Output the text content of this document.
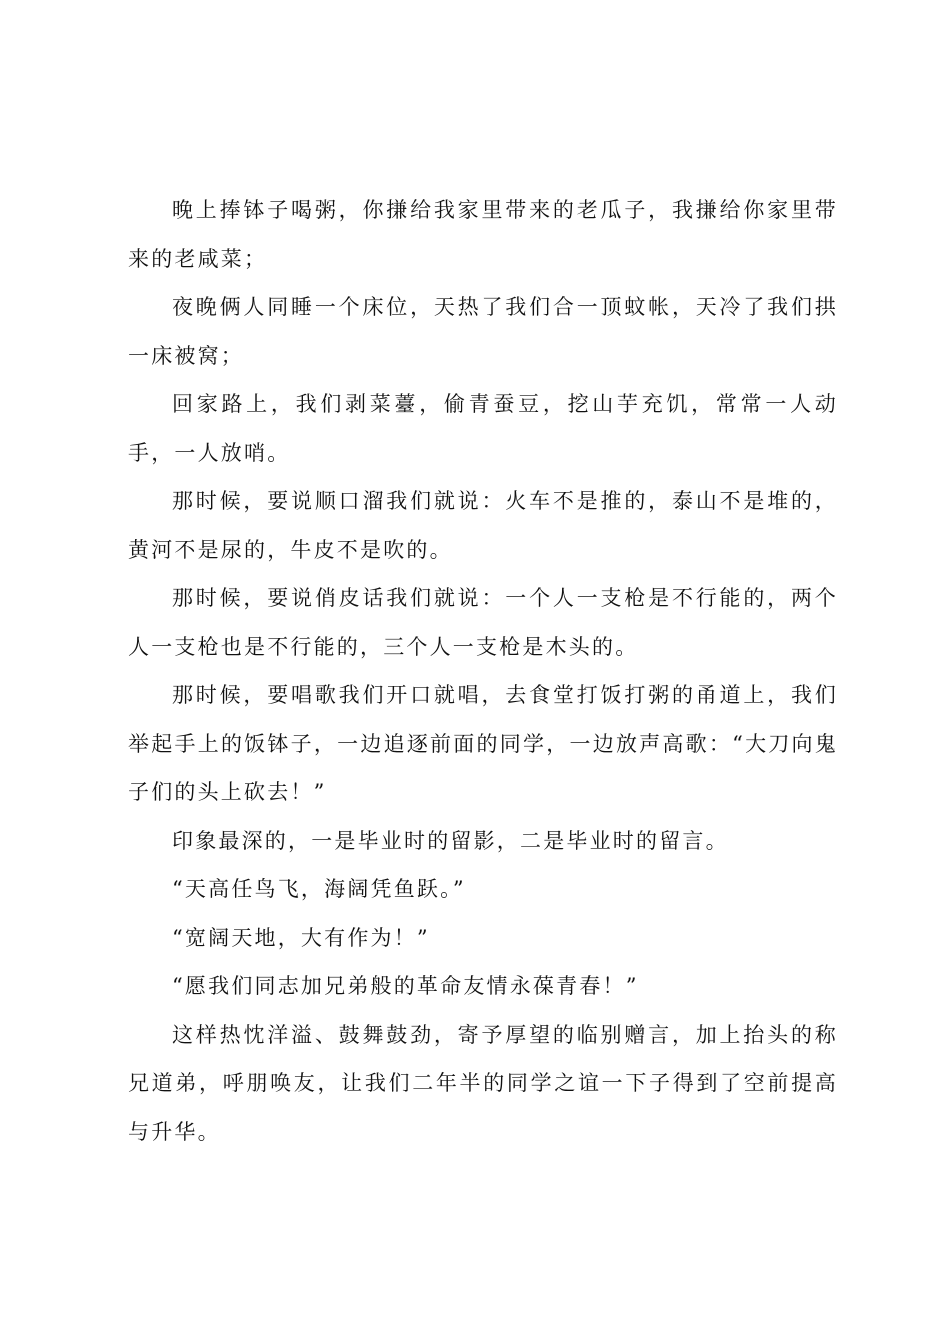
晚上捧钵子喝粥，你搛给我家里带来的老瓜子，我搛给你家里带来的老咸菜；

夜晚俩人同睡一个床位，天热了我们合一顶蚊帐，天冷了我们拱一床被窝；

回家路上，我们剥菜薹，偷青蚕豆，挖山芋充饥，常常一人动手，一人放哨。

那时候，要说顺口溜我们就说：火车不是推的，泰山不是堆的，黄河不是尿的，牛皮不是吹的。

那时候，要说俏皮话我们就说：一个人一支枪是不行能的，两个人一支枪也是不行能的，三个人一支枪是木头的。

那时候，要唱歌我们开口就唱，去食堂打饭打粥的甬道上，我们举起手上的饭钵子，一边追逐前面的同学，一边放声高歌：“大刀向鬼子们的头上砍去！”

印象最深的，一是毕业时的留影，二是毕业时的留言。

“天高任鸟飞，海阔凭鱼跃。”

“宽阔天地，大有作为！”

“愿我们同志加兄弟般的革命友情永葆青春！”

这样热忱洋溢、鼓舞鼓劲，寄予厚望的临别赠言，加上抬头的称兄道弟，呼朋唤友，让我们二年半的同学之谊一下子得到了空前提高与升华。
